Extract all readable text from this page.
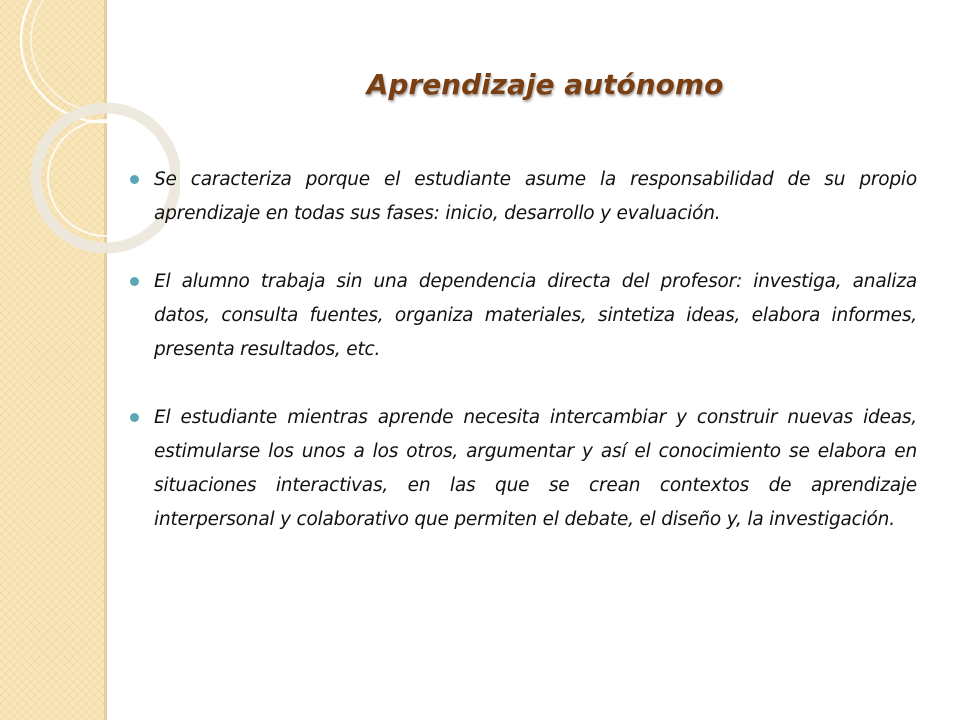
Aprendizaje autónomo
Se caracteriza porque el estudiante asume la responsabilidad de su propio aprendizaje en todas sus fases: inicio, desarrollo y evaluación.
El alumno trabaja sin una dependencia directa del profesor: investiga, analiza datos, consulta fuentes, organiza materiales, sintetiza ideas, elabora informes, presenta resultados, etc.
El estudiante mientras aprende necesita intercambiar y construir nuevas ideas, estimularse los unos a los otros, argumentar y así el conocimiento se elabora en situaciones interactivas, en las que se crean contextos de aprendizaje interpersonal y colaborativo que permiten el debate, el diseño y, la investigación.
